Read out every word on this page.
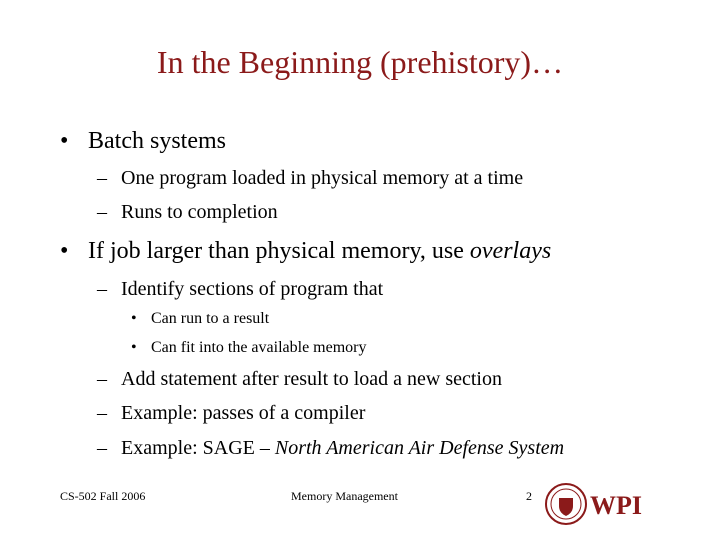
In the Beginning (prehistory)…
• Batch systems
– One program loaded in physical memory at a time
– Runs to completion
• If job larger than physical memory, use overlays
– Identify sections of program that
• Can run to a result
• Can fit into the available memory
– Add statement after result to load a new section
– Example: passes of a compiler
– Example: SAGE – North American Air Defense System
CS-502 Fall 2006	Memory Management	2 WPI
